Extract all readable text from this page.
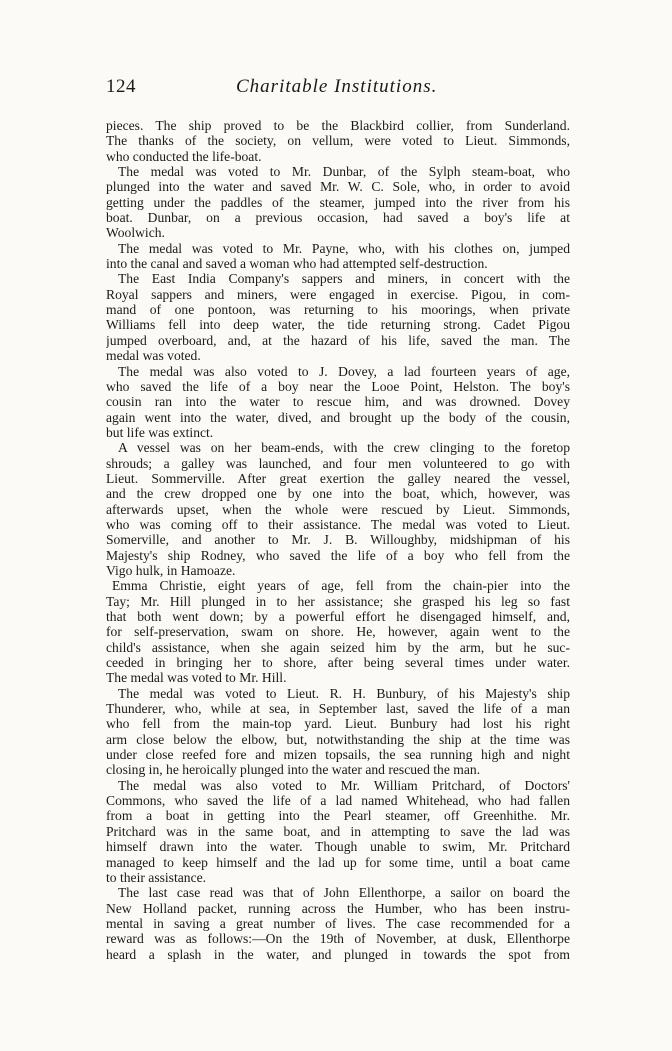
124	Charitable Institutions.
pieces. The ship proved to be the Blackbird collier, from Sunderland.
The thanks of the society, on vellum, were voted to Lieut. Simmonds,
who conducted the life-boat.
The medal was voted to Mr. Dunbar, of the Sylph steam-boat, who
plunged into the water and saved Mr. W. C. Sole, who, in order to avoid
getting under the paddles of the steamer, jumped into the river from his
boat. Dunbar, on a previous occasion, had saved a boy's life at
Woolwich.
The medal was voted to Mr. Payne, who, with his clothes on, jumped
into the canal and saved a woman who had attempted self-destruction.
The East India Company's sappers and miners, in concert with the
Royal sappers and miners, were engaged in exercise. Pigou, in com-
mand of one pontoon, was returning to his moorings, when private
Williams fell into deep water, the tide returning strong. Cadet Pigou
jumped overboard, and, at the hazard of his life, saved the man. The
medal was voted.
The medal was also voted to J. Dovey, a lad fourteen years of age,
who saved the life of a boy near the Looe Point, Helston. The boy's
cousin ran into the water to rescue him, and was drowned. Dovey
again went into the water, dived, and brought up the body of the cousin,
but life was extinct.
A vessel was on her beam-ends, with the crew clinging to the foretop
shrouds; a galley was launched, and four men volunteered to go with
Lieut. Sommerville. After great exertion the galley neared the vessel,
and the crew dropped one by one into the boat, which, however, was
afterwards upset, when the whole were rescued by Lieut. Simmonds,
who was coming off to their assistance. The medal was voted to Lieut.
Somerville, and another to Mr. J. B. Willoughby, midshipman of his
Majesty's ship Rodney, who saved the life of a boy who fell from the
Vigo hulk, in Hamoaze.
Emma Christie, eight years of age, fell from the chain-pier into the
Tay; Mr. Hill plunged in to her assistance; she grasped his leg so fast
that both went down; by a powerful effort he disengaged himself, and,
for self-preservation, swam on shore. He, however, again went to the
child's assistance, when she again seized him by the arm, but he suc-
ceeded in bringing her to shore, after being several times under water.
The medal was voted to Mr. Hill.
The medal was voted to Lieut. R. H. Bunbury, of his Majesty's ship
Thunderer, who, while at sea, in September last, saved the life of a man
who fell from the main-top yard. Lieut. Bunbury had lost his right
arm close below the elbow, but, notwithstanding the ship at the time was
under close reefed fore and mizen topsails, the sea running high and night
closing in, he heroically plunged into the water and rescued the man.
The medal was also voted to Mr. William Pritchard, of Doctors'
Commons, who saved the life of a lad named Whitehead, who had fallen
from a boat in getting into the Pearl steamer, off Greenhithe. Mr.
Pritchard was in the same boat, and in attempting to save the lad was
himself drawn into the water. Though unable to swim, Mr. Pritchard
managed to keep himself and the lad up for some time, until a boat came
to their assistance.
The last case read was that of John Ellenthorpe, a sailor on board the
New Holland packet, running across the Humber, who has been instru-
mental in saving a great number of lives. The case recommended for a
reward was as follows:—On the 19th of November, at dusk, Ellenthorpe
heard a splash in the water, and plunged in towards the spot from
